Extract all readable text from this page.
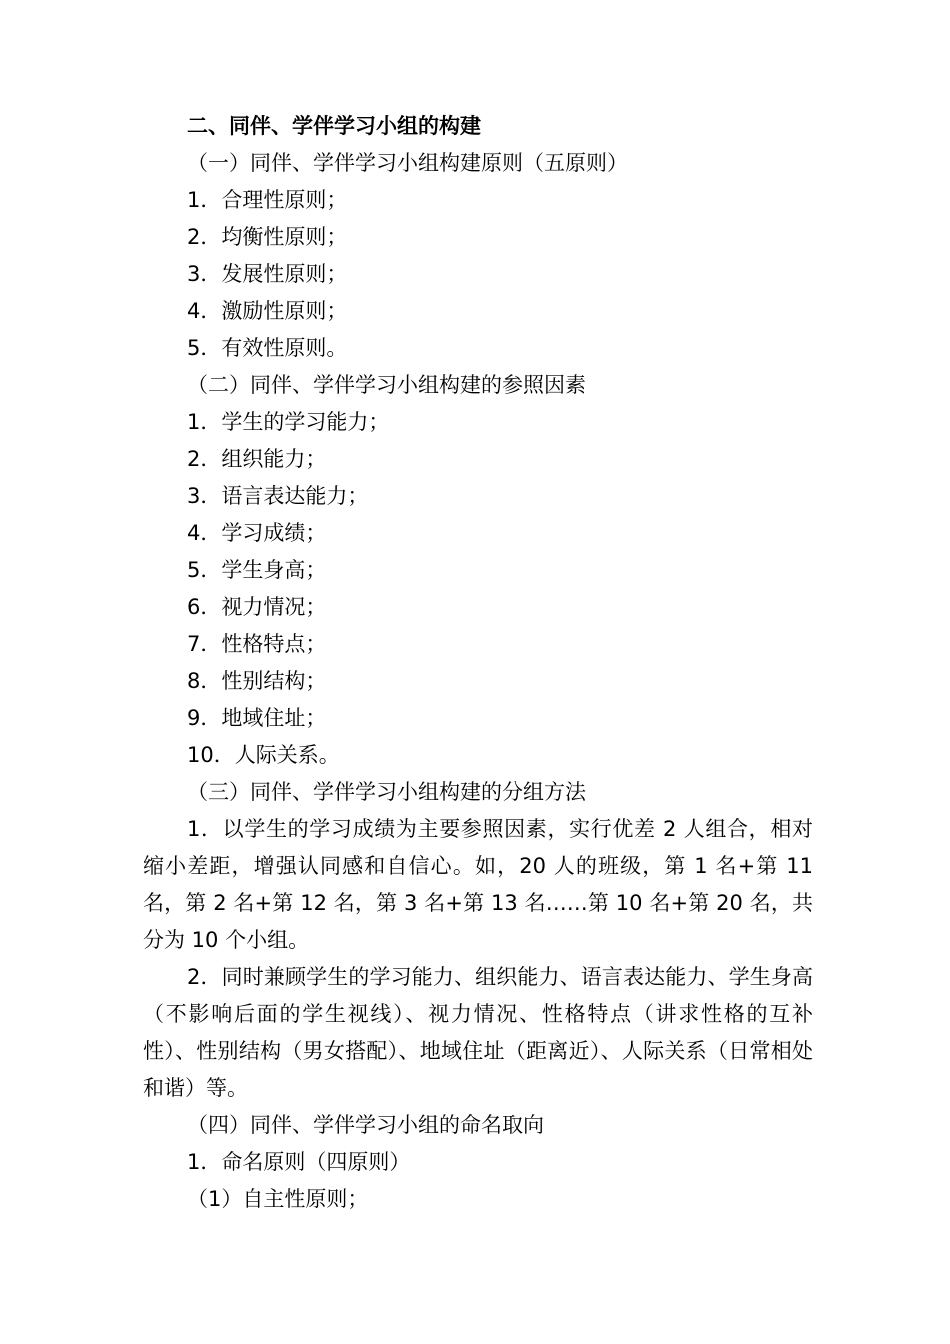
二、同伴、学伴学习小组的构建

（一）同伴、学伴学习小组构建原则（五原则）

1．合理性原则；

2．均衡性原则；

3．发展性原则；

4．激励性原则；

5．有效性原则。

（二）同伴、学伴学习小组构建的参照因素

1．学生的学习能力；

2．组织能力；

3．语言表达能力；

4．学习成绩；

5．学生身高；

6．视力情况；

7．性格特点；

8．性别结构；

9．地域住址；

10．人际关系。

（三）同伴、学伴学习小组构建的分组方法

1．以学生的学习成绩为主要参照因素，实行优差 2 人组合，相对缩小差距，增强认同感和自信心。如，20 人的班级，第 1 名+第 11 名，第 2 名+第 12 名，第 3 名+第 13 名……第 10 名+第 20 名，共分为 10 个小组。

2．同时兼顾学生的学习能力、组织能力、语言表达能力、学生身高（不影响后面的学生视线）、视力情况、性格特点（讲求性格的互补性）、性别结构（男女搭配）、地域住址（距离近）、人际关系（日常相处和谐）等。

（四）同伴、学伴学习小组的命名取向

1．命名原则（四原则）

（1）自主性原则；
